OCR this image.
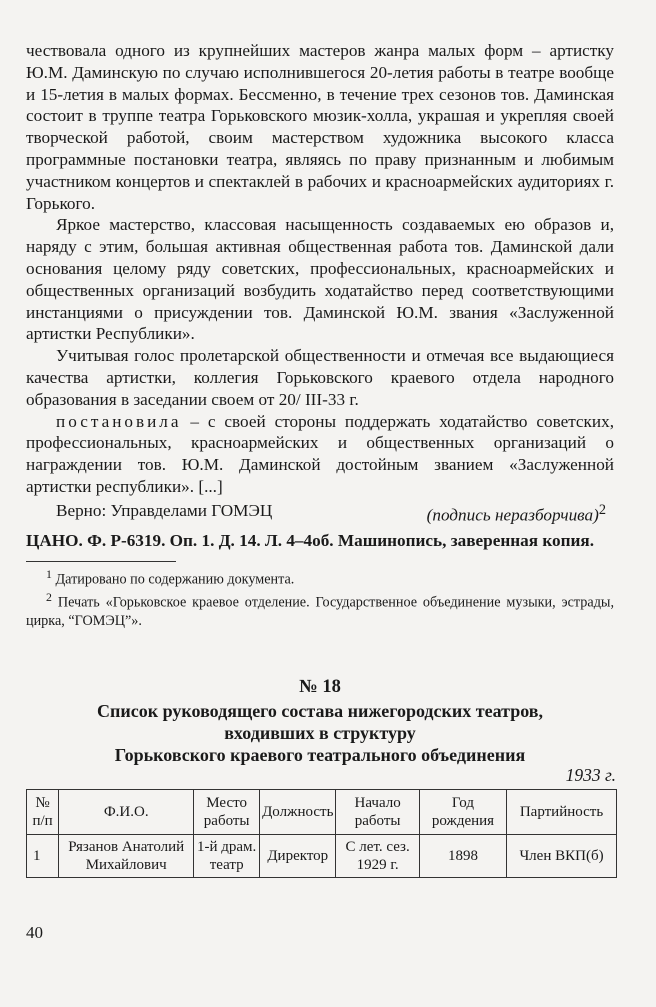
чествовала одного из крупнейших мастеров жанра малых форм – артистку Ю.М. Даминскую по случаю исполнившегося 20-летия работы в театре вообще и 15-летия в малых формах. Бессменно, в течение трех сезонов тов. Даминская состоит в труппе театра Горьковского мюзик-холла, украшая и укрепляя своей творческой работой, своим мастерством художника высокого класса программные постановки театра, являясь по праву признанным и любимым участником концертов и спектаклей в рабочих и красноармейских аудиториях г. Горького.

Яркое мастерство, классовая насыщенность создаваемых ею образов и, наряду с этим, большая активная общественная работа тов. Даминской дали основания целому ряду советских, профессиональных, красноармейских и общественных организаций возбудить ходатайство перед соответствующими инстанциями о присуждении тов. Даминской Ю.М. звания «Заслуженной артистки Республики».

Учитывая голос пролетарской общественности и отмечая все выдающиеся качества артистки, коллегия Горьковского краевого отдела народного образования в заседании своем от 20/ III-33 г.

постановила – с своей стороны поддержать ходатайство советских, профессиональных, красноармейских и общественных организаций о награждении тов. Ю.М. Даминской достойным званием «Заслуженной артистки республики». [...]

Верно: Управделами ГОМЭЦ	(подпись неразборчива)$^2$

ЦАНО. Ф. Р-6319. Оп. 1. Д. 14. Л. 4–4об. Машинопись, заверенная копия.

$^1$ Датировано по содержанию документа.

$^2$ Печать «Горьковское краевое отделение. Государственное объединение музыки, эстрады, цирка, “ГОМЭЦ”».

№ 18
Список руководящего состава нижегородских театров,
входивших в структуру
Горьковского краевого театрального объединения
1933 г.
№ п/п	Ф.И.О.	Место работы	Должность	Начало работы	Год рождения	Партийность
1	Рязанов Анатолий Михайлович	1-й драм. театр	Директор	С лет. сез. 1929 г.	1898	Член ВКП(б)
40
